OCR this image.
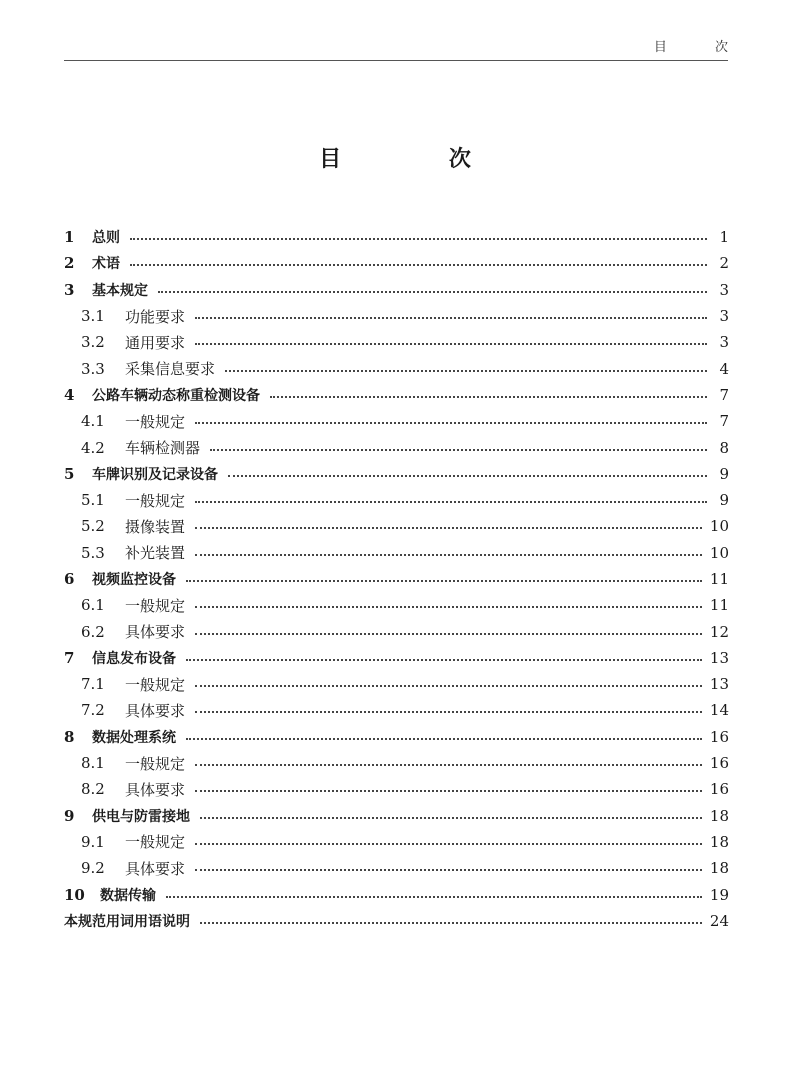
目 次
目 次
1	总则	1
2	术语	2
3	基本规定	3
3.1	功能要求	3
3.2	通用要求	3
3.3	采集信息要求	4
4	公路车辆动态称重检测设备	7
4.1	一般规定	7
4.2	车辆检测器	8
5	车牌识别及记录设备	9
5.1	一般规定	9
5.2	摄像装置	10
5.3	补光装置	10
6	视频监控设备	11
6.1	一般规定	11
6.2	具体要求	12
7	信息发布设备	13
7.1	一般规定	13
7.2	具体要求	14
8	数据处理系统	16
8.1	一般规定	16
8.2	具体要求	16
9	供电与防雷接地	18
9.1	一般规定	18
9.2	具体要求	18
10	数据传输	19
本规范用词用语说明	24
